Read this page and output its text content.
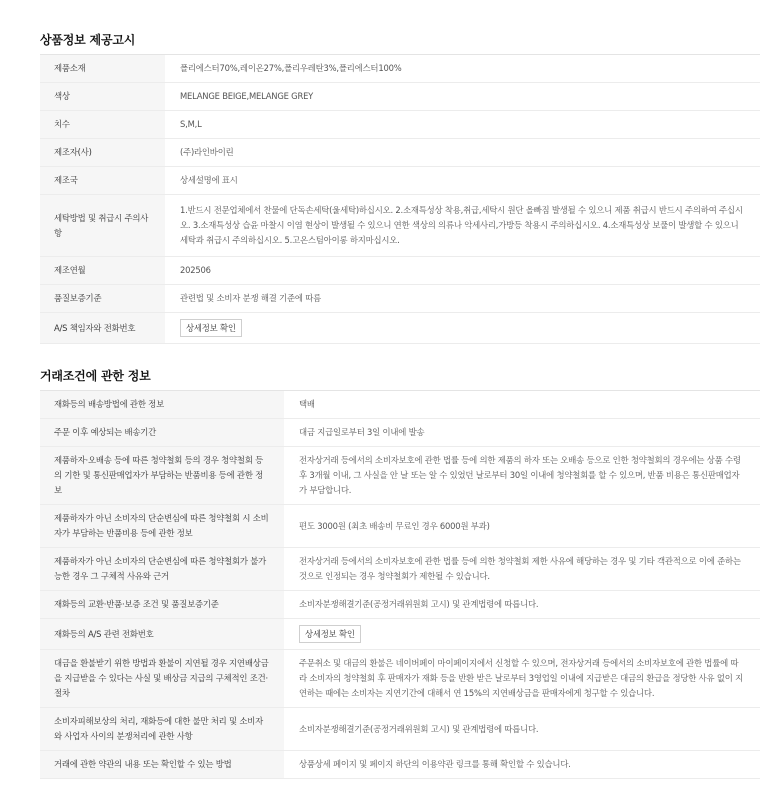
상품정보 제공고시
제품소재	폴리에스터70%,레이온27%,폴리우레탄3%,폴리에스터100%
색상	MELANGE BEIGE,MELANGE GREY
치수	S,M,L
제조자(사)	(주)라인바이린
제조국	상세설명에 표시
세탁방법 및 취급시 주의사항	1.반드시 전문업체에서 찬물에 단독손세탁(울세탁)하십시오. 2.소재특성상 착용,취급,세탁시 원단 올빠짐 발생될 수 있으니 제품 취급시 반드시 주의하여 주십시오. 3.소재특성상 습윤 마찰시 이염 현상이 발생될 수 있으니 연한 색상의 의류나 악세사리,가방등 착용시 주의하십시오. 4.소재특성상 보풀이 발생할 수 있으니 세탁과 취급시 주의하십시오. 5.고온스팀아이롱 하지마십시오.
제조연월	202506
품질보증기준	관련법 및 소비자 분쟁 해결 기준에 따름
A/S 책임자와 전화번호	상세정보 확인
거래조건에 관한 정보
재화등의 배송방법에 관한 정보	택배
주문 이후 예상되는 배송기간	대금 지급일로부터 3일 이내에 발송
제품하자·오배송 등에 따른 청약철회 등의 경우 청약철회 등의 기한 및 통신판매업자가 부담하는 반품비용 등에 관한 정보	전자상거래 등에서의 소비자보호에 관한 법률 등에 의한 제품의 하자 또는 오배송 등으로 인한 청약철회의 경우에는 상품 수령 후 3개월 이내, 그 사실을 안 날 또는 알 수 있었던 날로부터 30일 이내에 청약철회를 할 수 있으며, 반품 비용은 통신판매업자가 부담합니다.
제품하자가 아닌 소비자의 단순변심에 따른 청약철회 시 소비자가 부담하는 반품비용 등에 관한 정보	편도 3000원 (최초 배송비 무료인 경우 6000원 부과)
제품하자가 아닌 소비자의 단순변심에 따른 청약철회가 불가능한 경우 그 구체적 사유와 근거	전자상거래 등에서의 소비자보호에 관한 법률 등에 의한 청약철회 제한 사유에 해당하는 경우 및 기타 객관적으로 이에 준하는 것으로 인정되는 경우 청약철회가 제한될 수 있습니다.
재화등의 교환·반품·보증 조건 및 품질보증기준	소비자분쟁해결기준(공정거래위원회 고시) 및 관계법령에 따릅니다.
재화등의 A/S 관련 전화번호	상세정보 확인
대금을 환불받기 위한 방법과 환불이 지연될 경우 지연배상금을 지급받을 수 있다는 사실 및 배상금 지급의 구체적인 조건·절차	주문취소 및 대금의 환불은 네이버페이 마이페이지에서 신청할 수 있으며, 전자상거래 등에서의 소비자보호에 관한 법률에 따라 소비자의 청약철회 후 판매자가 재화 등을 반환 받은 날로부터 3영업일 이내에 지급받은 대금의 환급을 정당한 사유 없이 지연하는 때에는 소비자는 지연기간에 대해서 연 15%의 지연배상금을 판매자에게 청구할 수 있습니다.
소비자피해보상의 처리, 재화등에 대한 불만 처리 및 소비자와 사업자 사이의 분쟁처리에 관한 사항	소비자분쟁해결기준(공정거래위원회 고시) 및 관계법령에 따릅니다.
거래에 관한 약관의 내용 또는 확인할 수 있는 방법	상품상세 페이지 및 페이지 하단의 이용약관 링크를 통해 확인할 수 있습니다.
